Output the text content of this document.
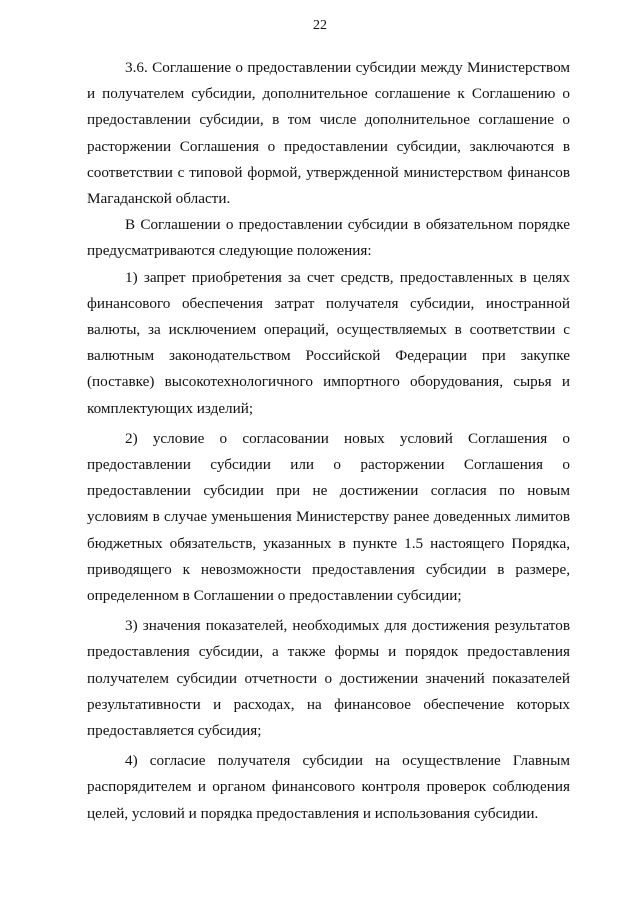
22

3.6. Соглашение о предоставлении субсидии между Министерством и получателем субсидии, дополнительное соглашение к Соглашению о предоставлении субсидии, в том числе дополнительное соглашение о расторжении Соглашения о предоставлении субсидии, заключаются в соответствии с типовой формой, утвержденной министерством финансов Магаданской области.

В Соглашении о предоставлении субсидии в обязательном порядке предусматриваются следующие положения:

1) запрет приобретения за счет средств, предоставленных в целях финансового обеспечения затрат получателя субсидии, иностранной валюты, за исключением операций, осуществляемых в соответствии с валютным законодательством Российской Федерации при закупке (поставке) высокотехнологичного импортного оборудования, сырья и комплектующих изделий;

2) условие о согласовании новых условий Соглашения о предоставлении субсидии или о расторжении Соглашения о предоставлении субсидии при не достижении согласия по новым условиям в случае уменьшения Министерству ранее доведенных лимитов бюджетных обязательств, указанных в пункте 1.5 настоящего Порядка, приводящего к невозможности предоставления субсидии в размере, определенном в Соглашении о предоставлении субсидии;

3) значения показателей, необходимых для достижения результатов предоставления субсидии, а также формы и порядок предоставления получателем субсидии отчетности о достижении значений показателей результативности и расходах, на финансовое обеспечение которых предоставляется субсидия;

4) согласие получателя субсидии на осуществление Главным распорядителем и органом финансового контроля проверок соблюдения целей, условий и порядка предоставления и использования субсидии.
